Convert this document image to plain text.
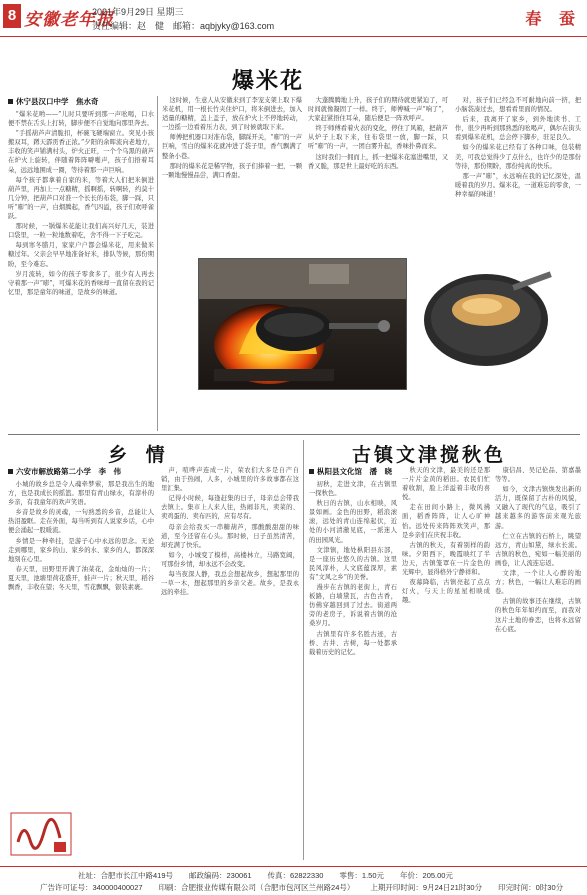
8 安徽老年报
2021年9月29日 星期三
责任编辑：赵　健　邮箱：aqbjyky@163.com	春 蚕
爆米花
休宁县汉口中学　焦水奇

“爆米花哟——”儿时只要听到那一声吆喝，口水便不禁在舌头上打转，脚步便不自觉地向那里奔去。

“手摇葫芦声清脆扣，杯碗飞硬端窗立。突见小孩搬双耳，蹲天霹雳香正浓。”夕阳的余晖流向老地方，丰收的笑声铺满村头，炉火正旺，一个个乌黑的葫芦在炉火上旋转，伴随着阵阵噼啪声，孩子们捂着耳朵，远远地围成一圈，等待着那一声巨响。

每个孩子都拿着自家的米，等着大人们把米倒进葫芦里，再加上一点糖精，摇啊摇，转啊转，约莫十几分钟，把葫芦口对准一个长长的布袋，脚一踩，只听“嘭”的一声，白烟腾起，香气四溢，孩子们欢呼雀跃。

那时候，一锅爆米花能让我们高兴好几天，装进口袋里，一粒一粒地数着吃，舍不得一下子吃完。

每到寒冬腊月，家家户户都会爆米花，用来做米糖过年。父亲会早早地准备好米，排队等候，那份期盼，至今难忘。

岁月流转，如今的孩子零食多了，很少有人再去守着那一声“嘭”，可爆米花的香味却一直留在我的记忆里，那是童年的味道，是故乡的味道。

这时候，生意人从安徽来到了李宠支架上取下爆米花机，用一根长竹夹住炉口，将米倒进去，加入适量的糖精，盖上盖子，放在炉火上不停地转动，一边摇一边看着压力表，到了时候就取下来。

师傅把机器口对准布袋，脚踩开关，“嘭”的一声巨响，雪白的爆米花就冲进了袋子里，香气飘满了整条小巷。

那时的爆米花是稀罕物，孩子们捧着一把，一颗一颗地慢慢品尝，满口香甜。

大蓬腾腾地上升，孩子们的期待就更紧迫了，可时间就像凝固了一样。终于，师傅喊一声“响了”，大家赶紧捂住耳朵，随后便是一阵欢呼声。

终于师傅看着火表的变化，停住了风箱，把葫芦从炉子上取下来，往布袋里一放，脚一踩，只听“嘭”的一声，一团白雾升起，香味扑鼻而来。

这时我们一拥而上，抓一把爆米花塞进嘴里，又香又脆，那是世上最好吃的东西。

对，孩子们已经急不可耐地向前一挤，把小脑袋凑过去，想看看里面的情况。

后来，我离开了家乡，到外地读书、工作，很少再听到那熟悉的吆喝声，偶尔在街头看到爆米花机，总会停下脚步，驻足良久。

如今的爆米花已经有了各种口味，包装精美，可我总觉得少了点什么，也许少的是那份等待，那份期盼，那份纯真的快乐。

那一声“嘭”，永远响在我的记忆深处，温暖着我的岁月。爆米花，一道难忘的零食，一种幸福的味道！

乡 情
六安市解放路第二小学　李　伟

小城的故乡总是令人魂牵梦萦，那是我出生的地方，也是我成长的摇篮。那里有青山绿水，有淳朴的乡亲，有我童年的欢声笑语。

乡音是故乡的灵魂，一句熟悉的乡音，总能让人热泪盈眶。走在外面，每当听到有人说家乡话，心中便会涌起一股暖流。

乡情是一种牵挂，是游子心中永远的思念。无论走到哪里，家乡的山、家乡的水、家乡的人，都深深地刻在心里。

春天里，田野里开满了油菜花，金灿灿的一片；夏天里，池塘里荷花盛开，蛙声一片；秋天里，稻谷飘香，丰收在望；冬天里，雪花飘飘，银装素裹。

声，喧哗声连成一片，荣农们大多是自产自销，由于热闹，人多，小城里的许多故事都在这里汇集。

记得小时候，每逢赶集的日子，母亲总会带我去镇上。集市上人来人往，热闹非凡，卖菜的、卖鸡蛋的、卖布匹的，应有尽有。

母亲会给我买一串糖葫芦，那酸酸甜甜的味道，至今还留在心头。那时候，日子虽然清苦，却充满了快乐。

如今，小城变了模样，高楼林立，马路宽阔，可那份乡情，却永远不会改变。

每当夜深人静，我总会想起故乡，想起那里的一草一木，想起那里的乡亲父老。故乡，是我永远的牵挂。

古镇文津搅秋色
枞阳县文化馆　潘　晓

初秋，走进文津，在古镇里一探秋色。

秋日的古镇，山水相映，风景如画。金色的田野，稻浪滚滚，远处的青山连绵起伏，近处的小河清澈见底，一派迷人的田园风光。

文津镇，地处枞阳县东部，是一座历史悠久的古镇。这里民风淳朴，人文底蕴深厚，素有“文风之乡”的美誉。

漫步在古镇的老街上，青石板路，白墙黛瓦，古色古香，仿佛穿越回到了过去。街道两旁的老房子，诉说着古镇的沧桑岁月。

古镇里有许多名胜古迹，古桥、古井、古树，每一处都承载着历史的记忆。

秋天的文津，最美的还是那一片片金黄的稻田。农民们忙着收割，脸上洋溢着丰收的喜悦。

走在田间小路上，微风拂面，稻香阵阵，让人心旷神怡。远处传来阵阵欢笑声，那是乡亲们在庆祝丰收。

古镇的秋天，有着别样的韵味。夕阳西下，晚霞映红了半边天，古镇笼罩在一片金色的光辉中，显得格外宁静祥和。

夜幕降临，古镇亮起了点点灯火，与天上的星星相映成趣。

康信昌、吴记伦品、第嘉墨等等。

如今，文津古镇焕发出新的活力，既保留了古朴的风貌，又融入了现代的气息，吸引了越来越多的游客前来观光旅游。

仁立在古镇的石桥上，眺望远方，青山如黛，绿水长流。古镇的秋色，宛如一幅美丽的画卷，让人流连忘返。

文津，一个让人心醉的地方；秋色，一幅让人难忘的画卷。

古镇的故事还在继续，古镇的秋色年年如约而至，而我对这片土地的眷恋，也将永远留在心底。

社址：合肥市长江中路419号 邮政编码：230061 传真：62822330 零售：1.50元 年价：205.00元
广告许可证号：340000400027 印刷：合肥报业传媒有限公司（合肥市包河区兰州路24号） 上期开印时间：9月24日21时30分 印完时间：0时30分
